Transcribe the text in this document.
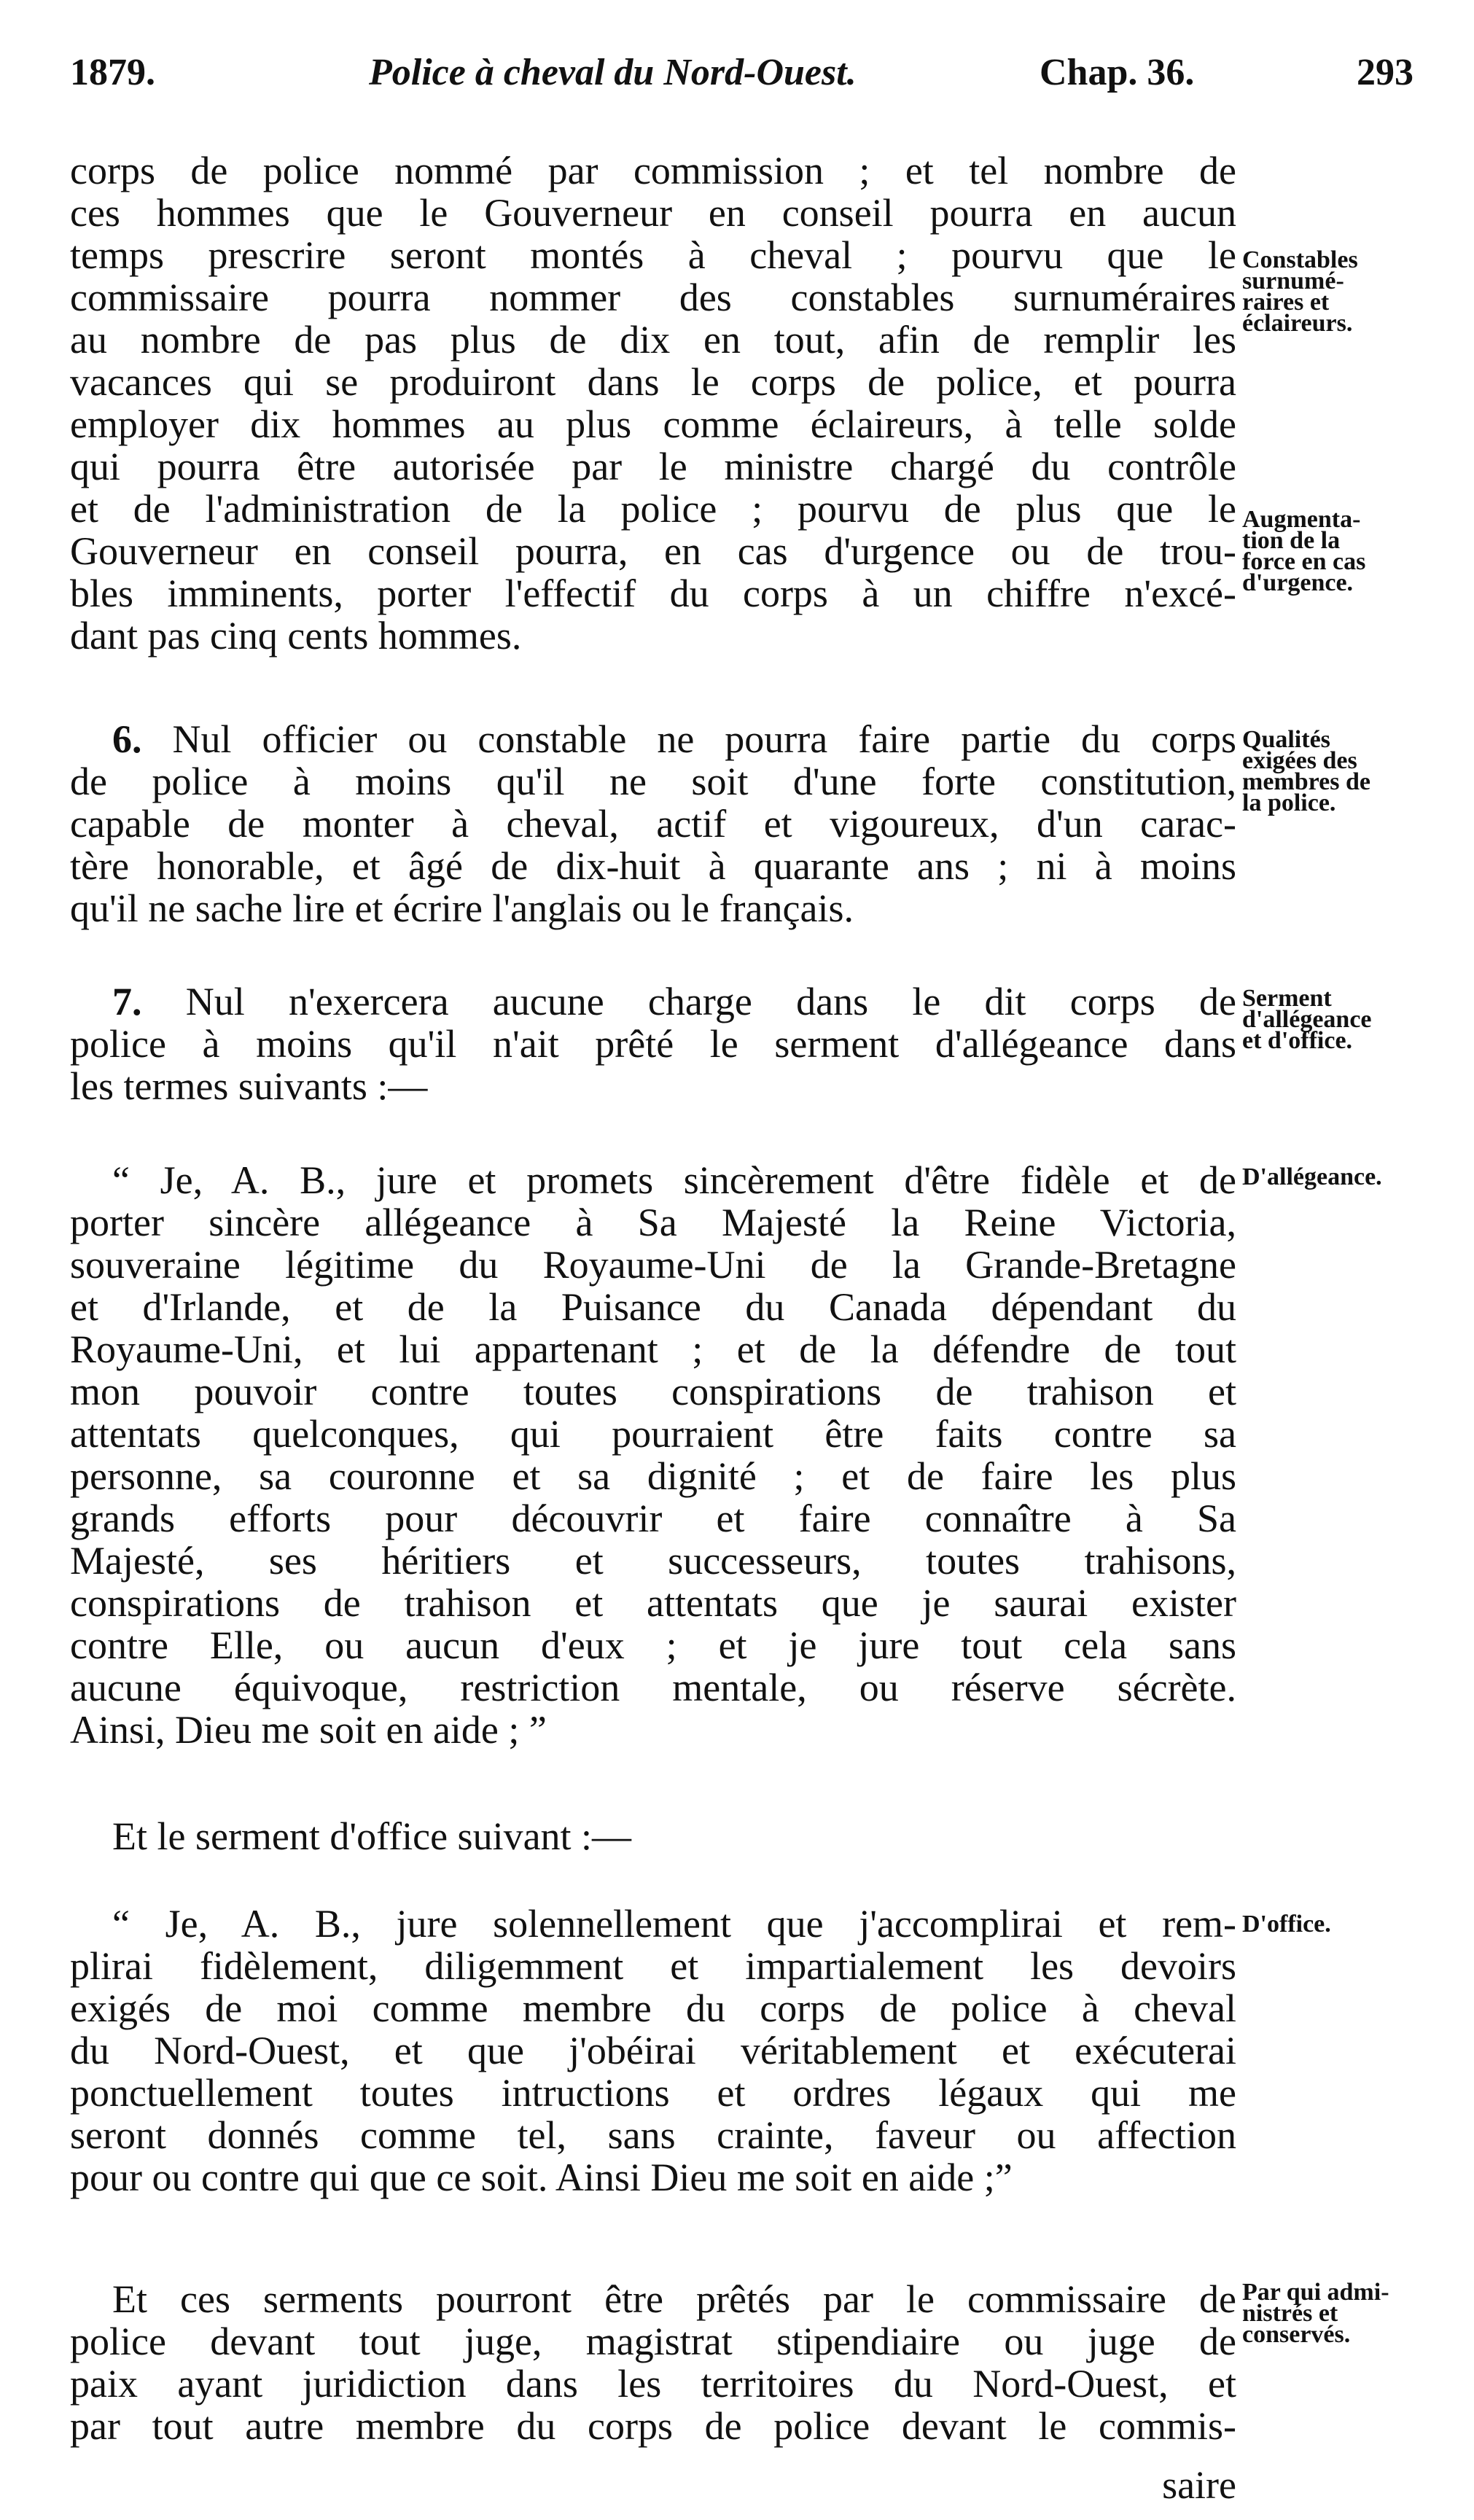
1879.	Police à cheval du Nord-Ouest.	Chap. 36.	293
corps de police nommé par commission ; et tel nombre de
ces hommes que le Gouverneur en conseil pourra en aucun
temps prescrire seront montés à cheval ; pourvu que le
commissaire pourra nommer des constables surnuméraires
au nombre de pas plus de dix en tout, afin de remplir les
vacances qui se produiront dans le corps de police, et pourra
employer dix hommes au plus comme éclaireurs, à telle solde
qui pourra être autorisée par le ministre chargé du contrôle
et de l'administration de la police ; pourvu de plus que le
Gouverneur en conseil pourra, en cas d'urgence ou de trou-
bles imminents, porter l'effectif du corps à un chiffre n'excé-
dant pas cinq cents hommes.
6. Nul officier ou constable ne pourra faire partie du corps
de police à moins qu'il ne soit d'une forte constitution,
capable de monter à cheval, actif et vigoureux, d'un carac-
tère honorable, et âgé de dix-huit à quarante ans ; ni à moins
qu'il ne sache lire et écrire l'anglais ou le français.
7. Nul n'exercera aucune charge dans le dit corps de
police à moins qu'il n'ait prêté le serment d'allégeance dans
les termes suivants :—
“ Je, A. B., jure et promets sincèrement d'être fidèle et de
porter sincère allégeance à Sa Majesté la Reine Victoria,
souveraine légitime du Royaume-Uni de la Grande-Bretagne
et d'Irlande, et de la Puisance du Canada dépendant du
Royaume-Uni, et lui appartenant ; et de la défendre de tout
mon pouvoir contre toutes conspirations de trahison et
attentats quelconques, qui pourraient être faits contre sa
personne, sa couronne et sa dignité ; et de faire les plus
grands efforts pour découvrir et faire connaître à Sa
Majesté, ses héritiers et successeurs, toutes trahisons,
conspirations de trahison et attentats que je saurai exister
contre Elle, ou aucun d'eux ; et je jure tout cela sans
aucune équivoque, restriction mentale, ou réserve sécrète.
Ainsi, Dieu me soit en aide ; ”
Et le serment d'office suivant :—
“ Je, A. B., jure solennellement que j'accomplirai et rem-
plirai fidèlement, diligemment et impartialement les devoirs
exigés de moi comme membre du corps de police à cheval
du Nord-Ouest, et que j'obéirai véritablement et exécuterai
ponctuellement toutes intructions et ordres légaux qui me
seront donnés comme tel, sans crainte, faveur ou affection
pour ou contre qui que ce soit. Ainsi Dieu me soit en aide ;”
Et ces serments pourront être prêtés par le commissaire de
police devant tout juge, magistrat stipendiaire ou juge de
paix ayant juridiction dans les territoires du Nord-Ouest, et
par tout autre membre du corps de police devant le commis-
saire
Constables
surnumé-
raires et
éclaireurs.
Augmenta-
tion de la
force en cas
d'urgence.
Qualités
exigées des
membres de
la police.
Serment
d'allégeance
et d'office.
D'allégeance.
D'office.
Par qui admi-
nistrés et
conservés.
